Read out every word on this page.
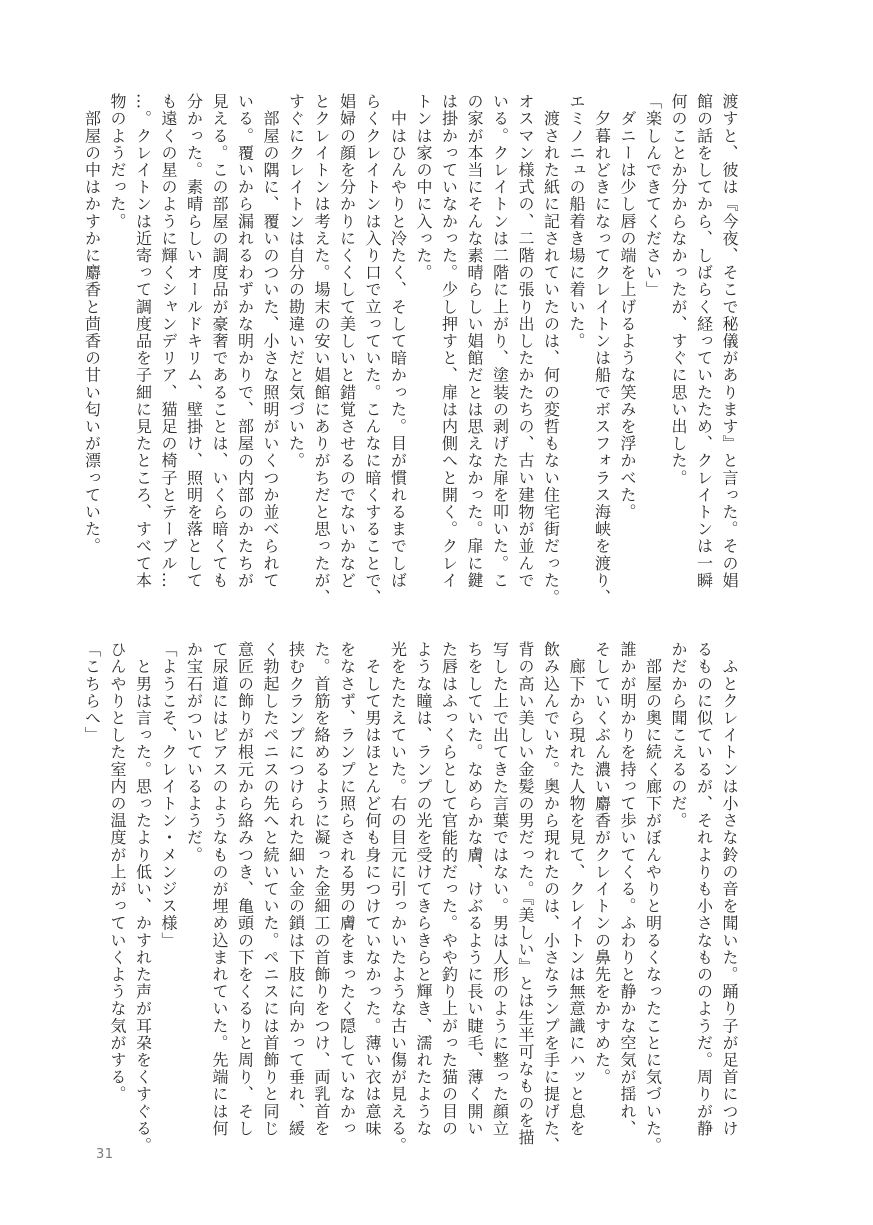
渡すと、彼は『今夜、そこで秘儀があります』と言った。その娼

館の話をしてから、しばらく経っていたため、クレイトンは一瞬

何のことか分からなかったが、すぐに思い出した。

「楽しんできてください」

　ダニーは少し唇の端を上げるような笑みを浮かべた。

　夕暮れどきになってクレイトンは船でボスフォラス海峡を渡り、

エミノニュの船着き場に着いた。

　渡された紙に記されていたのは、何の変哲もない住宅街だった。

オスマン様式の、二階の張り出したかたちの、古い建物が並んで

いる。クレイトンは二階に上がり、塗装の剥げた扉を叩いた。こ

の家が本当にそんな素晴らしい娼館だとは思えなかった。扉に鍵

は掛かっていなかった。少し押すと、扉は内側へと開く。クレイ

トンは家の中に入った。

　中はひんやりと冷たく、そして暗かった。目が慣れるまでしば

らくクレイトンは入り口で立っていた。こんなに暗くすることで、

娼婦の顔を分かりにくくして美しいと錯覚させるのでないかなど

とクレイトンは考えた。場末の安い娼館にありがちだと思ったが、

すぐにクレイトンは自分の勘違いだと気づいた。

　部屋の隅に、覆いのついた、小さな照明がいくつか並べられて

いる。覆いから漏れるわずかな明かりで、部屋の内部のかたちが

見える。この部屋の調度品が豪奢であることは、いくら暗くても

分かった。素晴らしいオールドキリム、壁掛け、照明を落として

も遠くの星のように輝くシャンデリア、猫足の椅子とテーブル…

…。クレイトンは近寄って調度品を子細に見たところ、すべて本

物のようだった。

　部屋の中はかすかに麝香と茴香の甘い匂いが漂っていた。

　ふとクレイトンは小さな鈴の音を聞いた。踊り子が足首につけ

るものに似ているが、それよりも小さなもののようだ。周りが静

かだから聞こえるのだ。

　部屋の奥に続く廊下がぼんやりと明るくなったことに気づいた。

誰かが明かりを持って歩いてくる。ふわりと静かな空気が揺れ、

そしていくぶん濃い麝香がクレイトンの鼻先をかすめた。

　廊下から現れた人物を見て、クレイトンは無意識にハッと息を

飲み込んでいた。奥から現れたのは、小さなランプを手に提げた、

背の高い美しい金髪の男だった。『美しい』とは生半可なものを描

写した上で出てきた言葉ではない。男は人形のように整った顔立

ちをしていた。なめらかな膚、けぶるように長い睫毛、薄く開い

た唇はふっくらとして官能的だった。やや釣り上がった猫の目の

ような瞳は、ランプの光を受けてきらきらと輝き、濡れたような

光をたたえていた。右の目元に引っかいたような古い傷が見える。

　そして男はほとんど何も身につけていなかった。薄い衣は意味

をなさず、ランプに照らされる男の膚をまったく隠していなかっ

た。首筋を絡めるように凝った金細工の首飾りをつけ、両乳首を

挟むクランプにつけられた細い金の鎖は下肢に向かって垂れ、緩

く勃起したペニスの先へと続いていた。ペニスには首飾りと同じ

意匠の飾りが根元から絡みつき、亀頭の下をくるりと周り、そし

て尿道にはピアスのようなものが埋め込まれていた。先端には何

か宝石がついているようだ。

「ようこそ、クレイトン・メンジス様」

　と男は言った。思ったより低い、かすれた声が耳朶をくすぐる。

ひんやりとした室内の温度が上がっていくような気がする。

「こちらへ」

31
